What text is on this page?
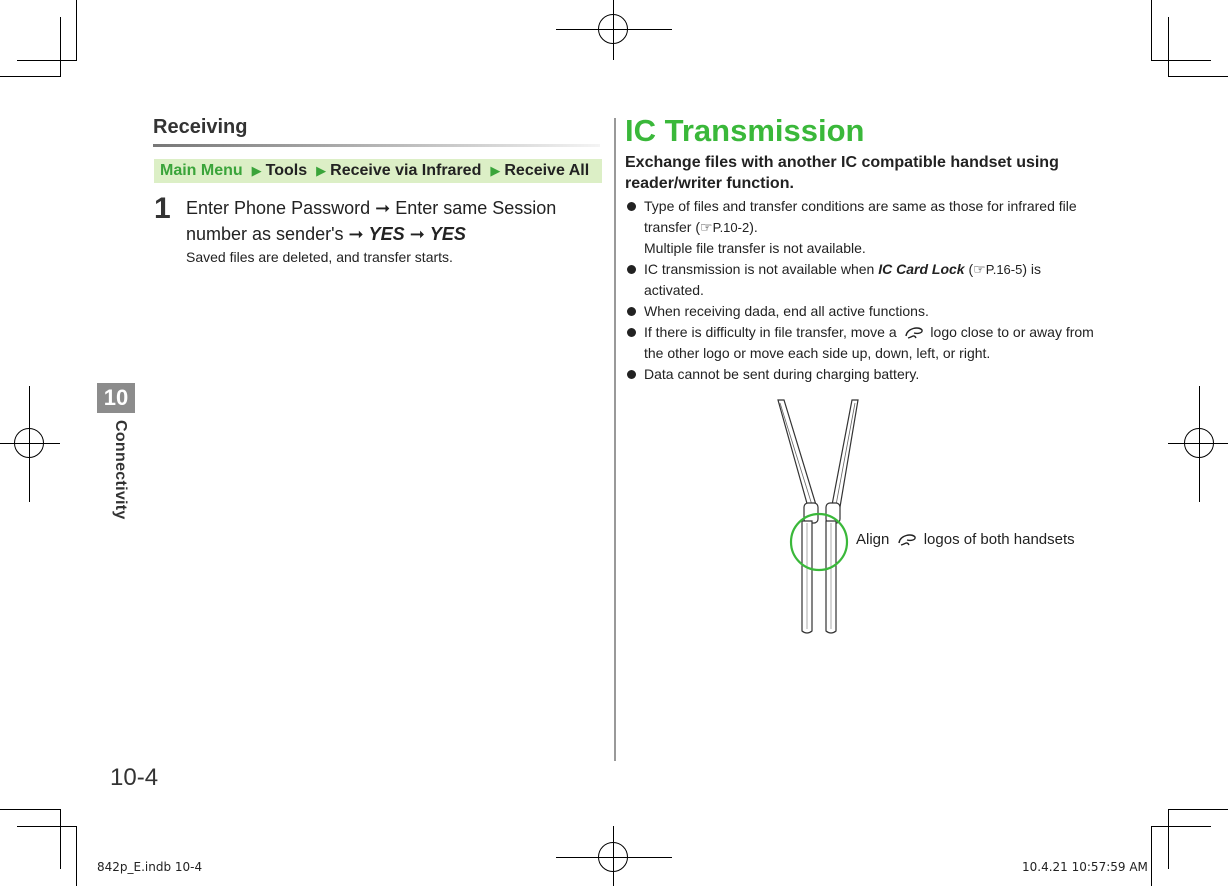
10
Connectivity
10-4
Receiving
Main Menu ▶ Tools ▶ Receive via Infrared ▶ Receive All
1 Enter Phone Password ➞ Enter same Session number as sender's ➞ YES ➞ YES
Saved files are deleted, and transfer starts.
IC Transmission
Exchange files with another IC compatible handset using reader/writer function.
Type of files and transfer conditions are same as those for infrared file transfer (☞P.10-2).
Multiple file transfer is not available.
IC transmission is not available when IC Card Lock (☞P.16-5) is activated.
When receiving dada, end all active functions.
If there is difficulty in file transfer, move a logo close to or away from the other logo or move each side up, down, left, or right.
Data cannot be sent during charging battery.
Align logos of both handsets
842p_E.indb 10-4	10.4.21 10:57:59 AM
